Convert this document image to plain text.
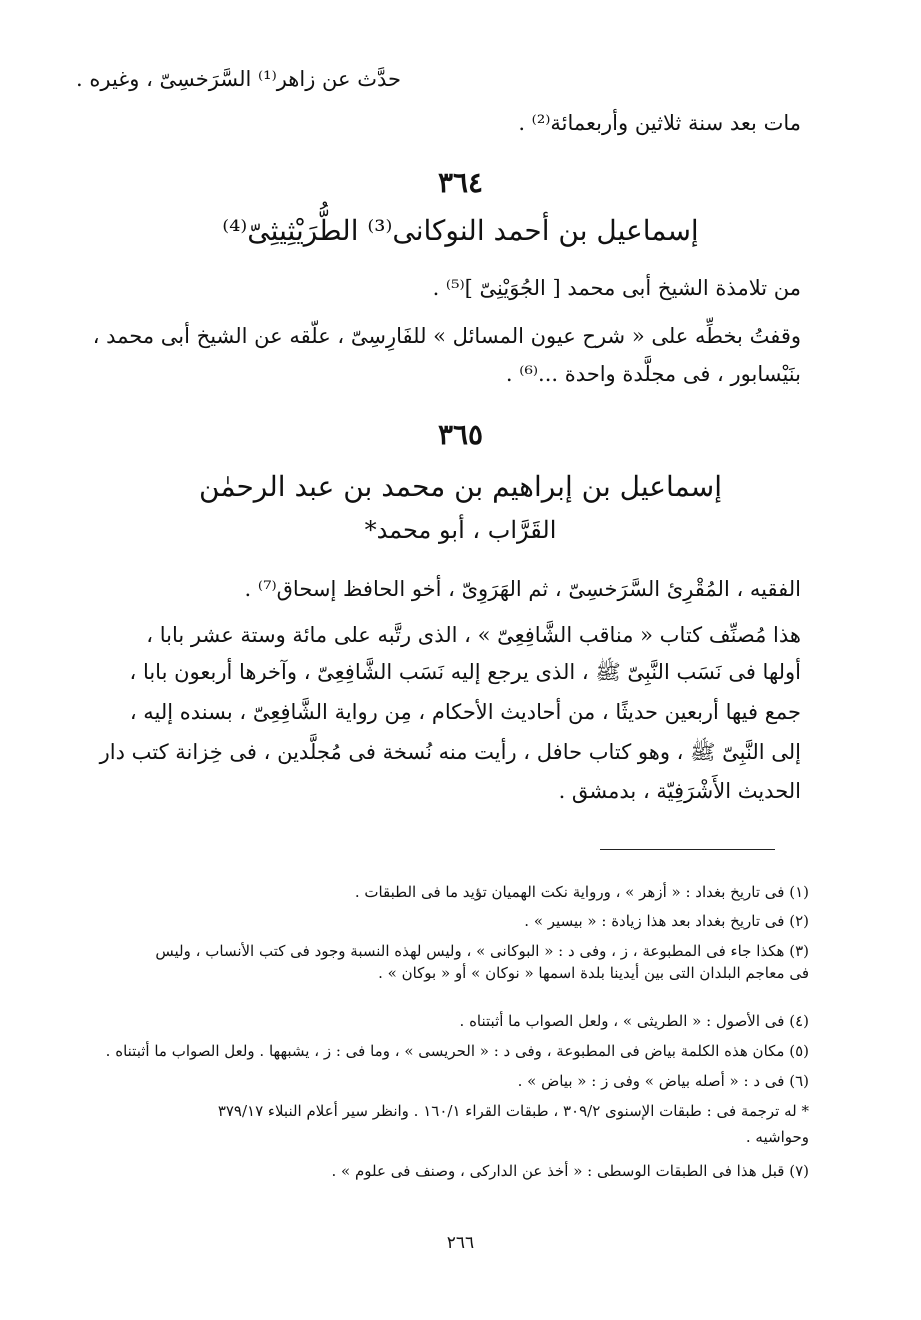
حدَّث عن زاهر⁽¹⁾ السَّرَخسِىّ ، وغيره .
مات بعد سنة ثلاثين وأربعمائة⁽²⁾ .
٣٦٤
إسماعيل بن أحمد النوكانى⁽³⁾ الطُّرَيْثِيثِىّ⁽⁴⁾
من تلامذة الشيخ أبى محمد [ الجُوَيْنِىّ ]⁽⁵⁾ .
وقفتُ بخطِّه على « شرح عيون المسائل » للفَارِسِىّ ، علّقه عن الشيخ أبى محمد ،
بنَيْسابور ، فى مجلَّدة واحدة ...⁽⁶⁾ .
٣٦٥
إسماعيل بن إبراهيم بن محمد بن عبد الرحمٰن
القَرَّاب ، أبو محمد*
الفقيه ، المُقْرِئ السَّرَخسِىّ ، ثم الهَرَوِىّ ، أخو الحافظ إسحاق⁽⁷⁾ .
هذا مُصنِّف كتاب « مناقب الشَّافِعِىّ » ، الذى رتَّبه على مائة وستة عشر بابا ،
أولها فى نَسَب النَّبِىّ ﷺ ، الذى يرجع إليه نَسَب الشَّافِعِىّ ، وآخرها أربعون بابا ،
جمع فيها أربعين حديثًا ، من أحاديث الأحكام ، مِن رواية الشَّافِعِىّ ، بسنده إليه ،
إلى النَّبِىّ ﷺ ، وهو كتاب حافل ، رأيت منه نُسخة فى مُجلَّدين ، فى خِزانة كتب دار
الحديث الأَشْرَفِيّة ، بدمشق .
(١) فى تاريخ بغداد : « أزهر » ، ورواية نكت الهميان تؤيد ما فى الطبقات .
(٢) فى تاريخ بغداد بعد هذا زيادة : « بيسير » .
(٣) هكذا جاء فى المطبوعة ، ز ، وفى د : « البوكانى » ، وليس لهذه النسبة وجود فى كتب الأنساب ، وليس
فى معاجم البلدان التى بين أيدينا بلدة اسمها « نوكان » أو « بوكان » .
(٤) فى الأصول : « الطريثى » ، ولعل الصواب ما أثبتناه .
(٥) مكان هذه الكلمة بياض فى المطبوعة ، وفى د : « الحريسى » ، وما فى : ز ، يشبهها . ولعل الصواب ما أثبتناه .
(٦) فى د : « أصله بياض » وفى ز : « بياض » .
* له ترجمة فى : طبقات الإسنوى ٣٠٩/٢ ، طبقات القراء ١٦٠/١ . وانظر سير أعلام النبلاء ٣٧٩/١٧
وحواشيه .
(٧) قبل هذا فى الطبقات الوسطى : « أخذ عن الداركى ، وصنف فى علوم » .
٢٦٦
